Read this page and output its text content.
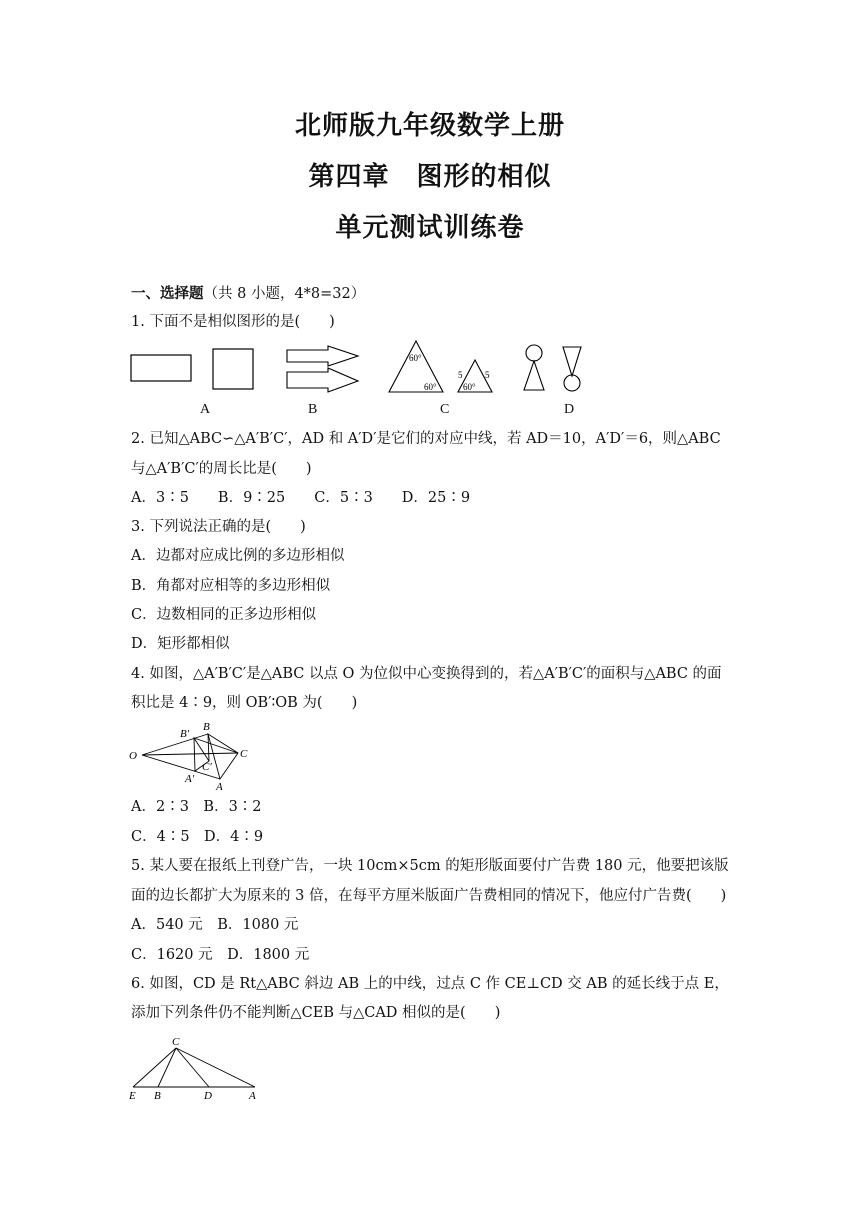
北师版九年级数学上册
第四章　图形的相似
单元测试训练卷
一、选择题（共 8 小题，4*8=32）
1. 下面不是相似图形的是(　　)
60°
60°	60°
5	5
A	B	C	D
2. 已知△ABC∽△A′B′C′，AD 和 A′D′是它们的对应中线，若 AD＝10，A′D′＝6，则△ABC
与△A′B′C′的周长比是(　　)
A．3∶5　　B．9∶25　　C．5∶3　　D．25∶9
3. 下列说法正确的是(　　)
A．边都对应成比例的多边形相似
B．角都对应相等的多边形相似
C．边数相同的正多边形相似
D．矩形都相似
4. 如图，△A′B′C′是△ABC 以点 O 为位似中心变换得到的，若△A′B′C′的面积与△ABC 的面
积比是 4∶9，则 OB′∶OB 为(　　)
O
B′
B
C
C′
A′
A
A．2∶3　B．3∶2
C．4∶5　D．4∶9
5. 某人要在报纸上刊登广告，一块 10cm×5cm 的矩形版面要付广告费 180 元，他要把该版
面的边长都扩大为原来的 3 倍，在每平方厘米版面广告费相同的情况下，他应付广告费(　　)
A．540 元　B．1080 元
C．1620 元　D．1800 元
6. 如图，CD 是 Rt△ABC 斜边 AB 上的中线，过点 C 作 CE⊥CD 交 AB 的延长线于点 E，
添加下列条件仍不能判断△CEB 与△CAD 相似的是(　　)
C
E B	D	A
